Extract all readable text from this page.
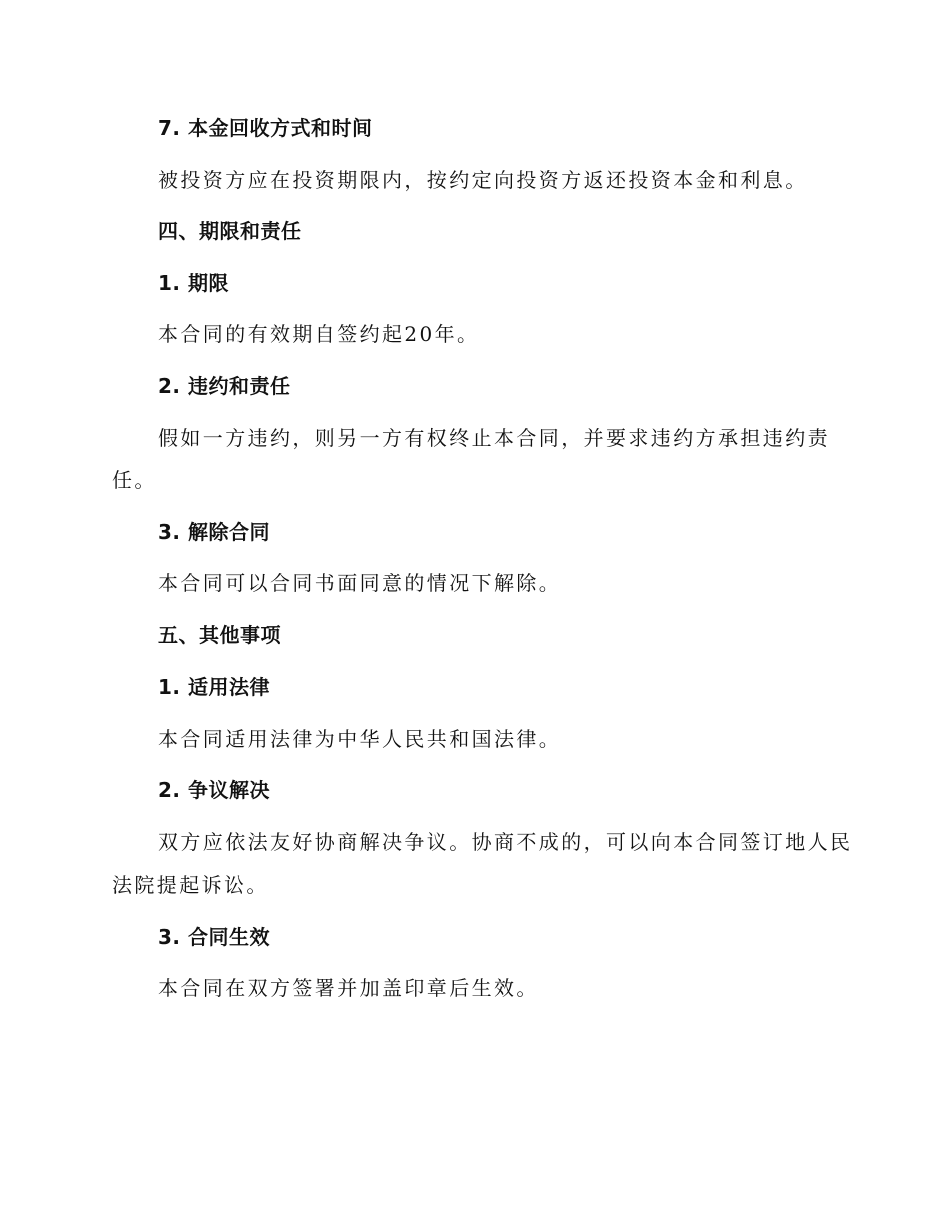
7. 本金回收方式和时间
被投资方应在投资期限内，按约定向投资方返还投资本金和利息。
四、期限和责任
1. 期限
本合同的有效期自签约起20年。
2. 违约和责任
假如一方违约，则另一方有权终止本合同，并要求违约方承担违约责
任。
3. 解除合同
本合同可以合同书面同意的情况下解除。
五、其他事项
1. 适用法律
本合同适用法律为中华人民共和国法律。
2. 争议解决
双方应依法友好协商解决争议。协商不成的，可以向本合同签订地人民
法院提起诉讼。
3. 合同生效
本合同在双方签署并加盖印章后生效。
